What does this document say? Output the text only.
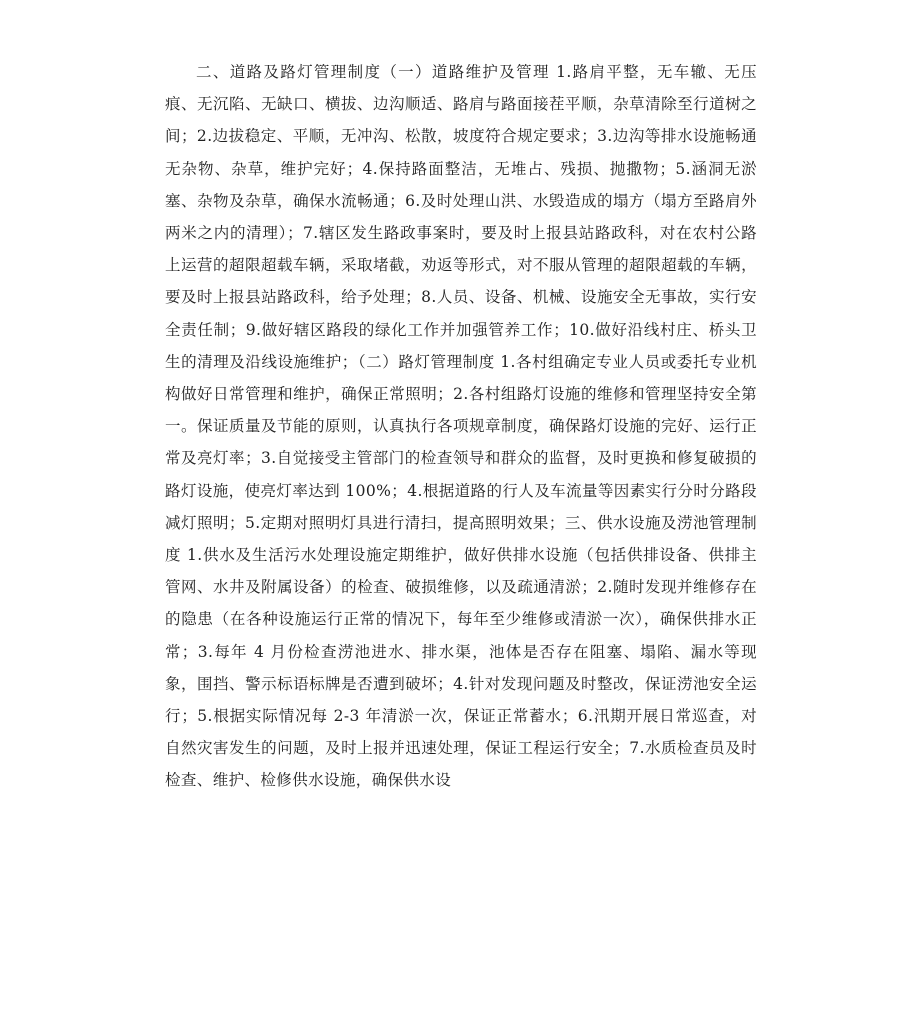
二、道路及路灯管理制度（一）道路维护及管理 1.路肩平整，无车辙、无压痕、无沉陷、无缺口、横拔、边沟顺适、路肩与路面接茬平顺，杂草清除至行道树之间；2.边拔稳定、平顺，无冲沟、松散，坡度符合规定要求；3.边沟等排水设施畅通无杂物、杂草，维护完好；4.保持路面整洁，无堆占、残损、抛撒物；5.涵洞无淤塞、杂物及杂草，确保水流畅通；6.及时处理山洪、水毁造成的塌方（塌方至路肩外两米之内的清理）；7.辖区发生路政事案时，要及时上报县站路政科，对在农村公路上运营的超限超载车辆，采取堵截，劝返等形式，对不服从管理的超限超载的车辆，要及时上报县站路政科，给予处理；8.人员、设备、机械、设施安全无事故，实行安全责任制；9.做好辖区路段的绿化工作并加强管养工作；10.做好沿线村庄、桥头卫生的清理及沿线设施维护；（二）路灯管理制度 1.各村组确定专业人员或委托专业机构做好日常管理和维护，确保正常照明；2.各村组路灯设施的维修和管理坚持安全第一。保证质量及节能的原则，认真执行各项规章制度，确保路灯设施的完好、运行正常及亮灯率；3.自觉接受主管部门的检查领导和群众的监督，及时更换和修复破损的路灯设施，使亮灯率达到 100%；4.根据道路的行人及车流量等因素实行分时分路段减灯照明；5.定期对照明灯具进行清扫，提高照明效果；三、供水设施及涝池管理制度 1.供水及生活污水处理设施定期维护，做好供排水设施（包括供排设备、供排主管网、水井及附属设备）的检查、破损维修，以及疏通清淤；2.随时发现并维修存在的隐患（在各种设施运行正常的情况下，每年至少维修或清淤一次），确保供排水正常；3.每年 4 月份检查涝池进水、排水渠，池体是否存在阻塞、塌陷、漏水等现象，围挡、警示标语标牌是否遭到破坏；4.针对发现问题及时整改，保证涝池安全运行；5.根据实际情况每 2-3 年清淤一次，保证正常蓄水；6.汛期开展日常巡查，对自然灾害发生的问题，及时上报并迅速处理，保证工程运行安全；7.水质检查员及时检查、维护、检修供水设施，确保供水设
